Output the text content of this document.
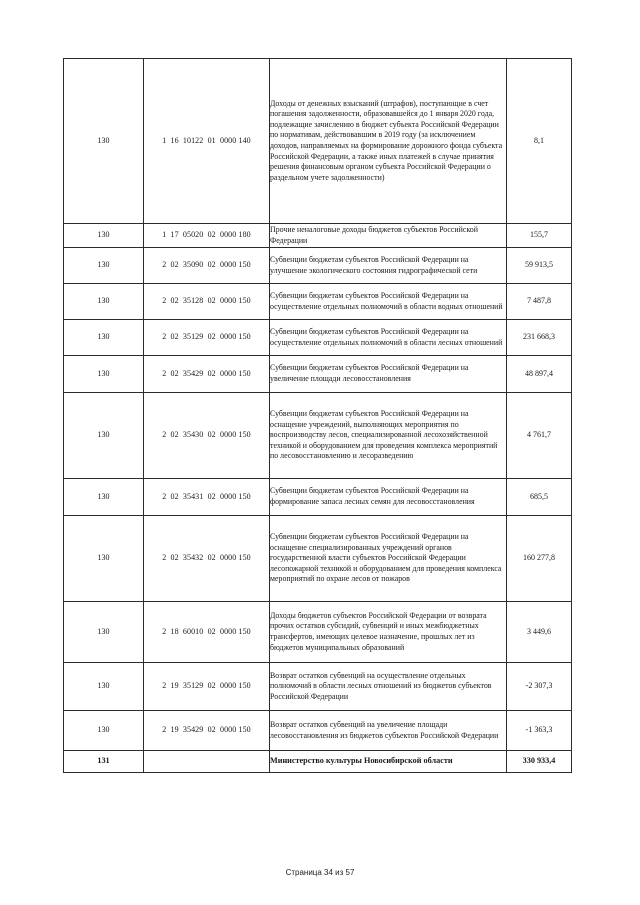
130	1  16  10122  01  0000 140	Доходы от денежных взысканий (штрафов), поступающие в счет погашения задолженности, образовавшейся до 1 января 2020 года, подлежащие зачислению в бюджет субъекта Российской Федерации по нормативам, действовавшим в 2019 году (за исключением доходов, направляемых на формирование дорожного фонда субъекта Российской Федерации, а также иных платежей в случае принятия решения финансовым органом субъекта Российской Федерации о раздельном учете задолженности)	8,1
130	1  17  05020  02  0000 180	Прочие неналоговые доходы бюджетов субъектов Российской Федерации	155,7
130	2  02  35090  02  0000 150	Субвенции бюджетам субъектов Российской Федерации на улучшение экологического состояния гидрографической сети	59 913,5
130	2  02  35128  02  0000 150	Субвенции бюджетам субъектов Российской Федерации на осуществление отдельных полномочий в области водных отношений	7 487,8
130	2  02  35129  02  0000 150	Субвенции бюджетам субъектов Российской Федерации на осуществление отдельных полномочий в области лесных отношений	231 668,3
130	2  02  35429  02  0000 150	Субвенции бюджетам субъектов Российской Федерации на увеличение площади лесовосстановления	48 897,4
130	2  02  35430  02  0000 150	Субвенции бюджетам субъектов Российской Федерации на оснащение учреждений, выполняющих мероприятия по воспроизводству лесов, специализированной лесохозяйственной техникой и оборудованием для проведения комплекса мероприятий по лесовосстановлению и лесоразведению	4 761,7
130	2  02  35431  02  0000 150	Субвенции бюджетам субъектов Российской Федерации на формирование запаса лесных семян для лесовосстановления	685,5
130	2  02  35432  02  0000 150	Субвенции бюджетам субъектов Российской Федерации на оснащение специализированных учреждений органов государственной власти субъектов Российской Федерации лесопожарной техникой и оборудованием для проведения комплекса мероприятий по охране лесов от пожаров	160 277,8
130	2  18  60010  02  0000 150	Доходы бюджетов субъектов Российской Федерации от возврата прочих остатков субсидий, субвенций и иных межбюджетных трансфертов, имеющих целевое назначение, прошлых лет из бюджетов муниципальных образований	3 449,6
130	2  19  35129  02  0000 150	Возврат остатков субвенций на осуществление отдельных полномочий в области лесных отношений из бюджетов субъектов Российской Федерации	-2 307,3
130	2  19  35429  02  0000 150	Возврат остатков субвенций на увеличение площади лесовосстановления из бюджетов субъектов Российской Федерации	-1 363,3
131		Министерство культуры Новосибирской области	330 933,4
Страница 34 из 57
